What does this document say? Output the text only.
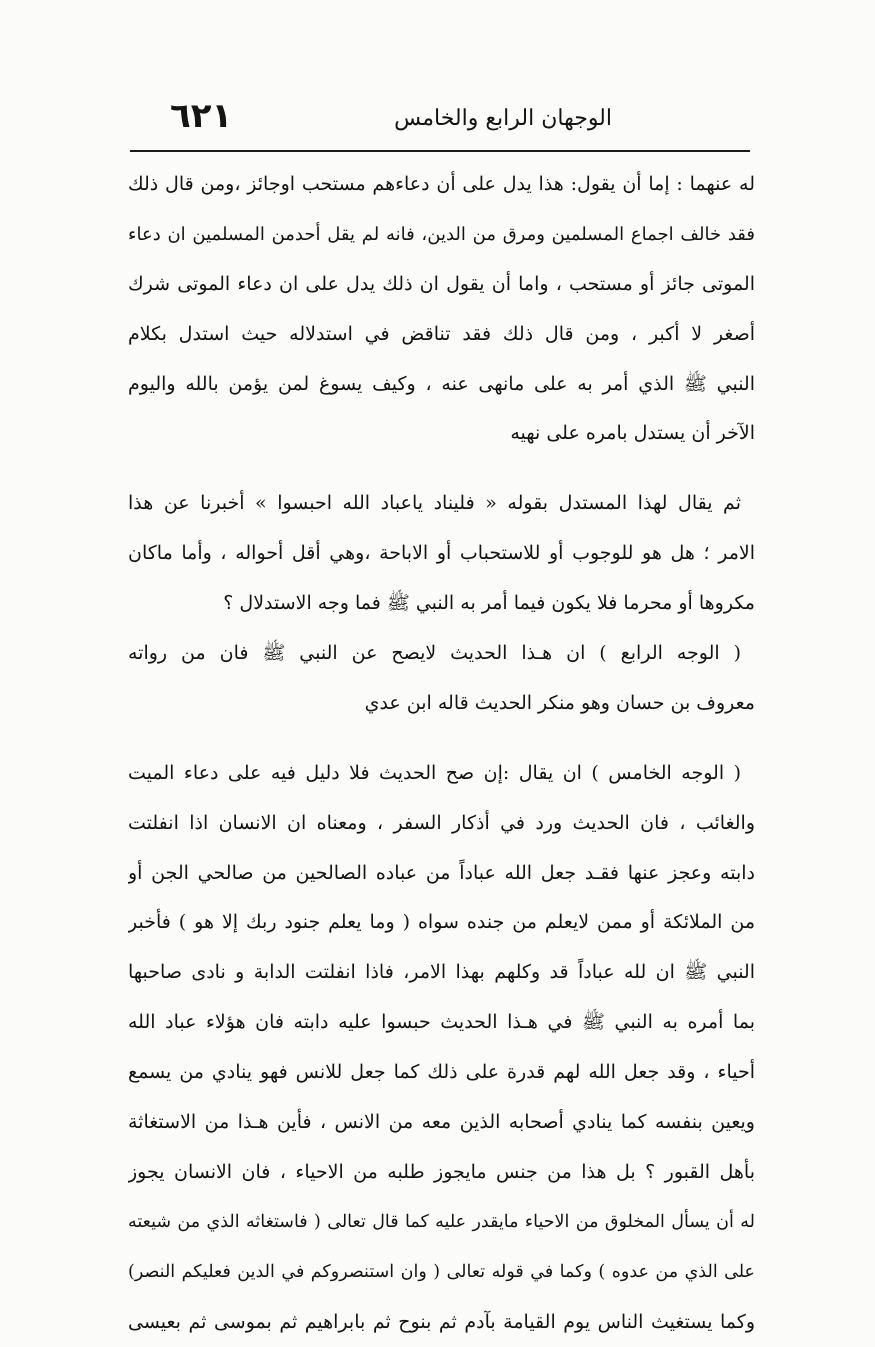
الوجهان الرابع والخامس
٦٢١
له عنهما : إما أن يقول: هذا يدل على أن دعاءهم مستحب اوجائز ،ومن قال ذلك
فقد خالف اجماع المسلمين ومرق من الدين، فانه لم يقل أحدمن المسلمين ان دعاء
الموتى جائز أو مستحب ، واما أن يقول ان ذلك يدل على ان دعاء الموتى شرك
أصغر لا أكبر ، ومن قال ذلك فقد تناقض في استدلاله حيث استدل بكلام
النبي ﷺ الذي أمر به على مانهى عنه ، وكيف يسوغ لمن يؤمن بالله واليوم
الآخر أن يستدل بامره على نهيه
ثم يقال لهذا المستدل بقوله « فليناد ياعباد الله احبسوا » أخبرنا عن هذا
الامر ؛ هل هو للوجوب أو للاستحباب أو الاباحة ،وهي أقل أحواله ، وأما ماكان
مكروها أو محرما فلا يكون فيما أمر به النبي ﷺ فما وجه الاستدلال ؟
( الوجه الرابع ) ان هـذا الحديث لايصح عن النبي ﷺ فان من رواته
معروف بن حسان وهو منكر الحديث قاله ابن عدي
( الوجه الخامس ) ان يقال :إن صح الحديث فلا دليل فيه على دعاء الميت
والغائب ، فان الحديث ورد في أذكار السفر ، ومعناه ان الانسان اذا انفلتت
دابته وعجز عنها فقـد جعل الله عباداً من عباده الصالحين من صالحي الجن أو
من الملائكة أو ممن لايعلم من جنده سواه ( وما يعلم جنود ربك إلا هو ) فأخبر
النبي ﷺ ان لله عباداً قد وكلهم بهذا الامر، فاذا انفلتت الدابة و نادى صاحبها
بما أمره به النبي ﷺ في هـذا الحديث حبسوا عليه دابته فان هؤلاء عباد الله
أحياء ، وقد جعل الله لهم قدرة على ذلك كما جعل للانس فهو ينادي من يسمع
ويعين بنفسه كما ينادي أصحابه الذين معه من الانس ، فأين هـذا من الاستغاثة
بأهل القبور ؟ بل هذا من جنس مايجوز طلبه من الاحياء ، فان الانسان يجوز
له أن يسأل المخلوق من الاحياء مايقدر عليه كما قال تعالى ( فاستغاثه الذي من شيعته
على الذي من عدوه ) وكما في قوله تعالى ( وان استنصروكم في الدين فعليكم النصر)
وكما يستغيث الناس يوم القيامة بآدم ثم بنوح ثم بابراهيم ثم بموسى ثم بعيسى
